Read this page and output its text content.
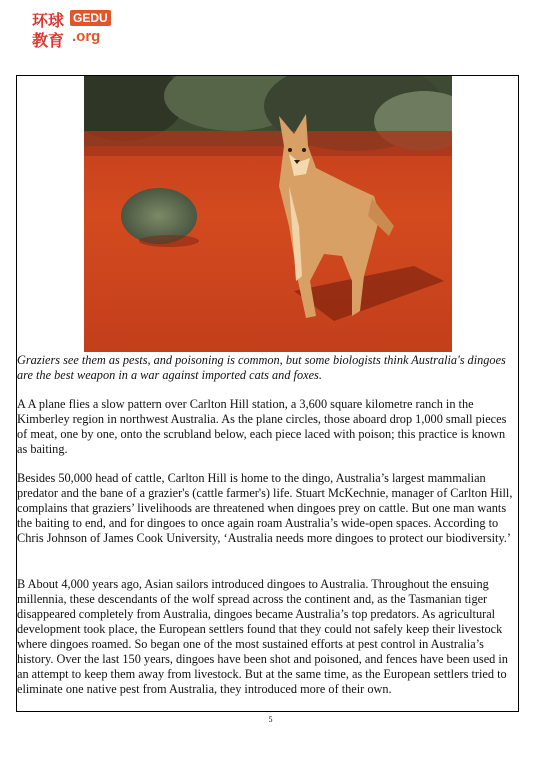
环球
教育
GEDU
.org
Graziers see them as pests, and poisoning is common, but some biologists think Australia's dingoes are the best weapon in a war against imported cats and foxes.
A A plane flies a slow pattern over Carlton Hill station, a 3,600 square kilometre ranch in the Kimberley region in northwest Australia. As the plane circles, those aboard drop 1,000 small pieces of meat, one by one, onto the scrubland below, each piece laced with poison; this practice is known as baiting.
Besides 50,000 head of cattle, Carlton Hill is home to the dingo, Australia’s largest mammalian predator and the bane of a grazier's (cattle farmer's) life. Stuart McKechnie, manager of Carlton Hill, complains that graziers’ livelihoods are threatened when dingoes prey on cattle. But one man wants the baiting to end, and for dingoes to once again roam Australia’s wide-open spaces. According to Chris Johnson of James Cook University, ‘Australia needs more dingoes to protect our biodiversity.’
B About 4,000 years ago, Asian sailors introduced dingoes to Australia. Throughout the ensuing millennia, these descendants of the wolf spread across the continent and, as the Tasmanian tiger disappeared completely from Australia, dingoes became Australia’s top predators. As agricultural development took place, the European settlers found that they could not safely keep their livestock where dingoes roamed. So began one of the most sustained efforts at pest control in Australia’s history. Over the last 150 years, dingoes have been shot and poisoned, and fences have been used in an attempt to keep them away from livestock. But at the same time, as the European settlers tried to eliminate one native pest from Australia, they introduced more of their own.
5
